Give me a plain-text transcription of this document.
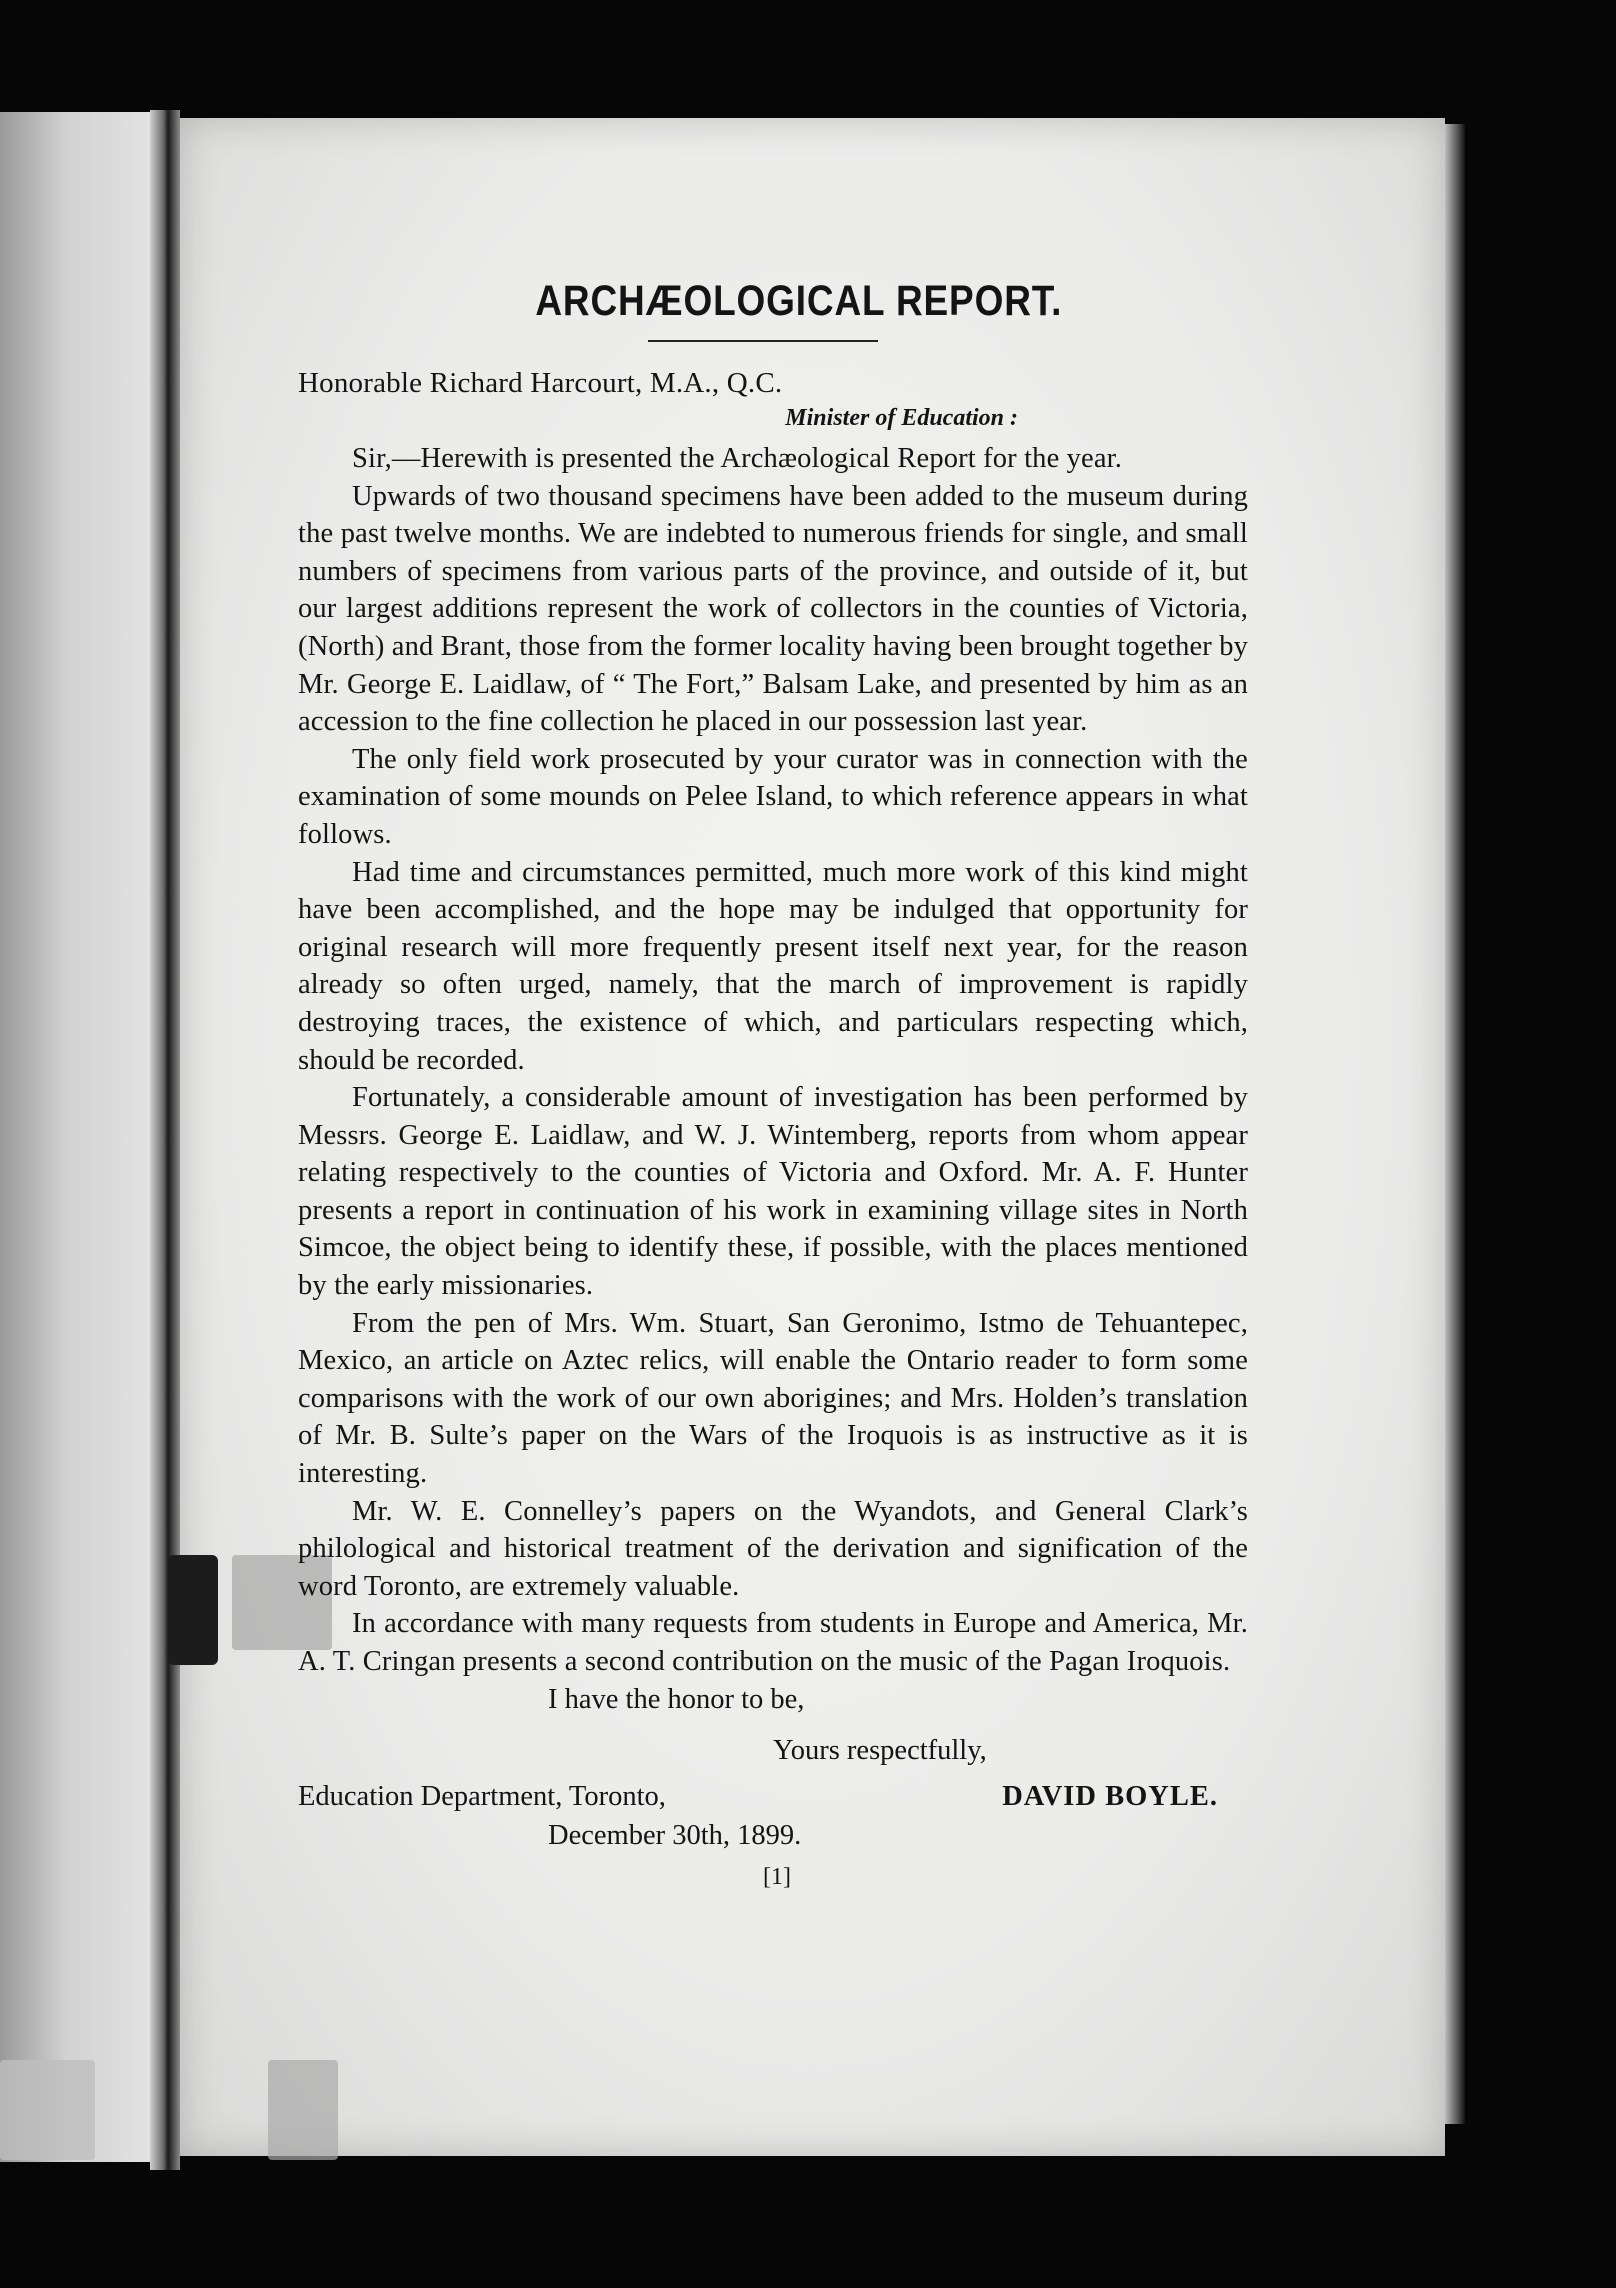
ARCHÆOLOGICAL REPORT.
Honorable Richard Harcourt, M.A., Q.C.
Minister of Education :

Sir,—Herewith is presented the Archæological Report for the year.

Upwards of two thousand specimens have been added to the museum during the past twelve months. We are indebted to numerous friends for single, and small numbers of specimens from various parts of the province, and outside of it, but our largest additions represent the work of collectors in the counties of Victoria, (North) and Brant, those from the former locality having been brought together by Mr. George E. Laidlaw, of “ The Fort,” Balsam Lake, and presented by him as an accession to the fine collection he placed in our possession last year.

The only field work prosecuted by your curator was in connection with the examination of some mounds on Pelee Island, to which reference appears in what follows.

Had time and circumstances permitted, much more work of this kind might have been accomplished, and the hope may be indulged that opportunity for original research will more frequently present itself next year, for the reason already so often urged, namely, that the march of improvement is rapidly destroying traces, the existence of which, and particulars respecting which, should be recorded.

Fortunately, a considerable amount of investigation has been performed by Messrs. George E. Laidlaw, and W. J. Wintemberg, reports from whom appear relating respectively to the counties of Victoria and Oxford. Mr. A. F. Hunter presents a report in continuation of his work in examining village sites in North Simcoe, the object being to identify these, if possible, with the places mentioned by the early missionaries.

From the pen of Mrs. Wm. Stuart, San Geronimo, Istmo de Tehuantepec, Mexico, an article on Aztec relics, will enable the Ontario reader to form some comparisons with the work of our own aborigines; and Mrs. Holden’s translation of Mr. B. Sulte’s paper on the Wars of the Iroquois is as instructive as it is interesting.

Mr. W. E. Connelley’s papers on the Wyandots, and General Clark’s philological and historical treatment of the derivation and signification of the word Toronto, are extremely valuable.

In accordance with many requests from students in Europe and America, Mr. A. T. Cringan presents a second contribution on the music of the Pagan Iroquois.

I have the honor to be,
Yours respectfully,
Education Department, Toronto,	DAVID BOYLE.
December 30th, 1899.
[1]
